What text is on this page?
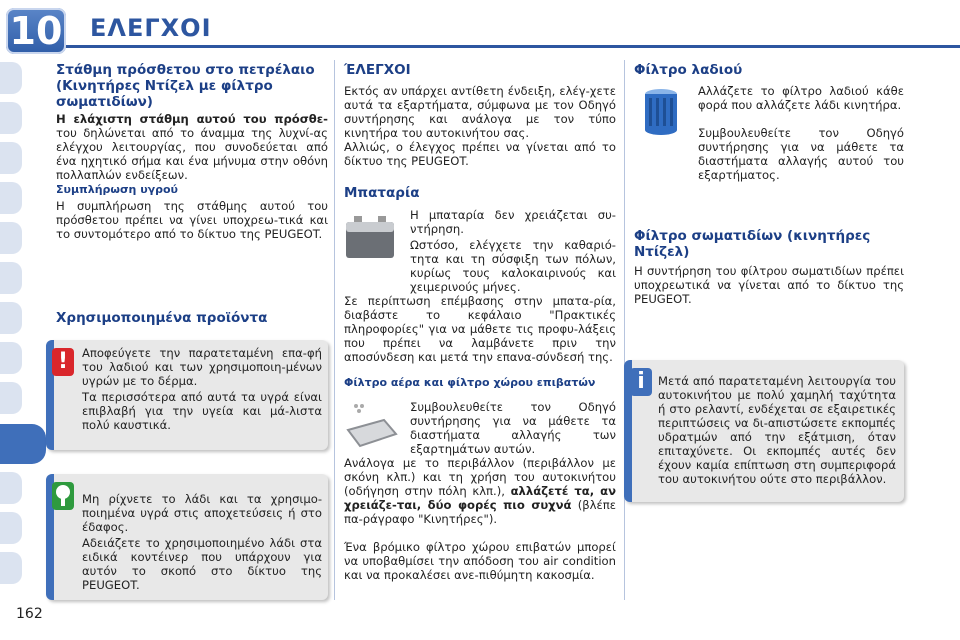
10 ΕΛΕΓΧΟΙ
Στάθμη πρόσθετου στο πετρέλαιο (Κινητήρες Ντίζελ με φίλτρο σωματιδίων)

Η ελάχιστη στάθμη αυτού του πρόσθε- του δηλώνεται από το άναμμα της λυχνί-ας ελέγχου λειτουργίας, που συνοδεύεται από ένα ηχητικό σήμα και ένα μήνυμα στην οθόνη πολλαπλών ενδείξεων.

Συμπλήρωση υγρού

Η συμπλήρωση της στάθμης αυτού του πρόσθετου πρέπει να γίνει υποχρεω-τικά και το συντομότερο από το δίκτυο της PEUGEOT.

Χρησιμοποιημένα προϊόντα
!	Αποφεύγετε την παρατεταμένη επα-φή του λαδιού και των χρησιμοποιη-μένων υγρών με το δέρμα.

Τα περισσότερα από αυτά τα υγρά είναι επιβλαβή για την υγεία και μά-λιστα πολύ καυστικά.

Μη ρίχνετε το λάδι και τα χρησιμο-ποιημένα υγρά στις αποχετεύσεις ή στο έδαφος.

Αδειάζετε το χρησιμοποιημένο λάδι στα ειδικά κοντέινερ που υπάρχουν για αυτόν το σκοπό στο δίκτυο της PEUGEOT.

ΈΛΕΓΧΟΙ

Εκτός αν υπάρχει αντίθετη ένδειξη, ελέγ-χετε αυτά τα εξαρτήματα, σύμφωνα με τον Οδηγό συντήρησης και ανάλογα με τον τύπο κινητήρα του αυτοκινήτου σας.

Αλλιώς, ο έλεγχος πρέπει να γίνεται από το δίκτυο της PEUGEOT.

Μπαταρία

Η μπαταρία δεν χρειάζεται συ-ντήρηση.

Ωστόσο, ελέγχετε την καθαριό-τητα και τη σύσφιξη των πόλων, κυρίως τους καλοκαιρινούς και χειμερινούς μήνες.

Σε περίπτωση επέμβασης στην μπατα-ρία, διαβάστε το κεφάλαιο "Πρακτικές πληροφορίες" για να μάθετε τις προφυ-λάξεις που πρέπει να λαμβάνετε πριν την αποσύνδεση και μετά την επανα-σύνδεσή της.

Φίλτρο αέρα και φίλτρο χώρου επιβατών

Συμβουλευθείτε τον Οδηγό συντήρησης για να μάθετε τα διαστήματα αλλαγής των εξαρτημάτων αυτών.

Ανάλογα με το περιβάλλον (περιβάλλον με σκόνη κλπ.) και τη χρήση του αυτοκινήτου (οδήγηση στην πόλη κλπ.), αλλάζετέ τα, αν χρειάζε-ται, δύο φορές πιο συχνά (βλέπε πα-ράγραφο "Κινητήρες").

Ένα βρόμικο φίλτρο χώρου επιβατών μπορεί να υποβαθμίσει την απόδοση του air condition και να προκαλέσει ανε-πιθύμητη κακοσμία.

Φίλτρο λαδιού

Αλλάζετε το φίλτρο λαδιού κάθε φορά που αλλάζετε λάδι κινητήρα.

Συμβουλευθείτε τον Οδηγό συντήρησης για να μάθετε τα διαστήματα αλλαγής αυτού του εξαρτήματος.

Φίλτρο σωματιδίων (κινητήρες Ντίζελ)

Η συντήρηση του φίλτρου σωματιδίων πρέπει υποχρεωτικά να γίνεται από το δίκτυο της PEUGEOT.

i	Μετά από παρατεταμένη λειτουργία του αυτοκινήτου με πολύ χαμηλή ταχύτητα ή στο ρελαντί, ενδέχεται σε εξαιρετικές περιπτώσεις να δι-απιστώσετε εκπομπές υδρατμών από την εξάτμιση, όταν επιταχύνετε. Οι εκπομπές αυτές δεν έχουν καμία επίπτωση στη συμπεριφορά του αυτοκινήτου ούτε στο περιβάλλον.

162
